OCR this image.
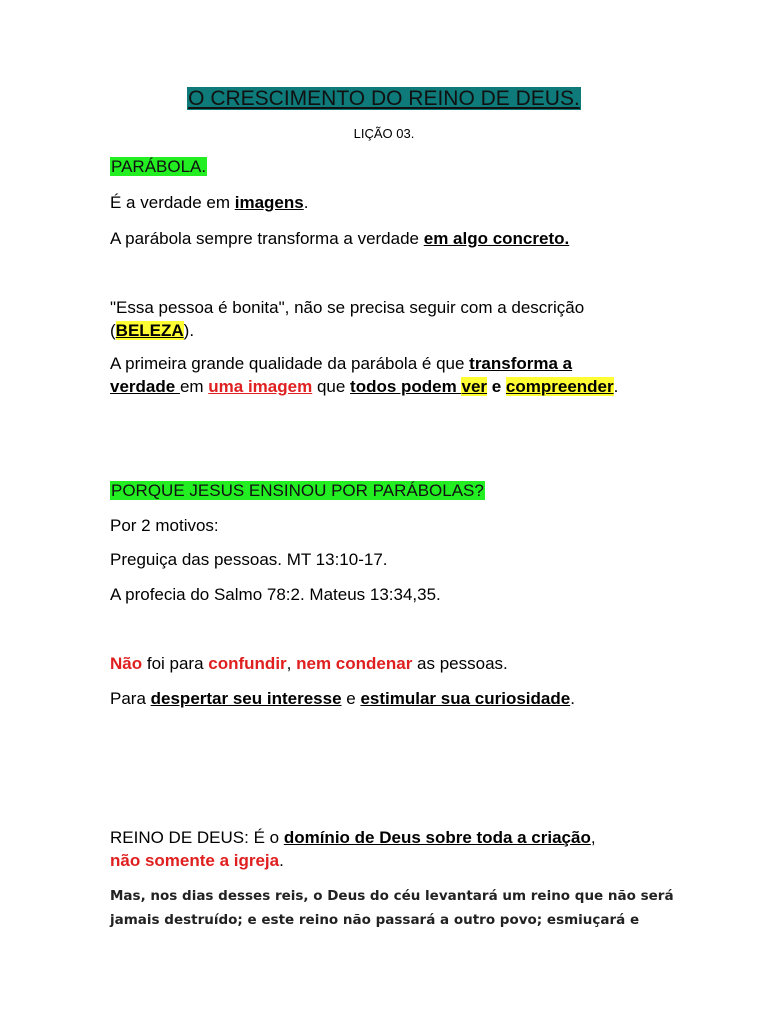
O CRESCIMENTO DO REINO DE DEUS.
LIÇÃO 03.
PARÁBOLA.
É a verdade em imagens.
A parábola sempre transforma a verdade em algo concreto.
"Essa pessoa é bonita", não se precisa seguir com a descrição
(BELEZA).
A primeira grande qualidade da parábola é que transforma a
verdade em uma imagem que todos podem ver e compreender.
PORQUE JESUS ENSINOU POR PARÁBOLAS?
Por 2 motivos:
Preguiça das pessoas. MT 13:10-17.
A profecia do Salmo 78:2. Mateus 13:34,35.
Não foi para confundir, nem condenar as pessoas.
Para despertar seu interesse e estimular sua curiosidade.
REINO DE DEUS: É o domínio de Deus sobre toda a criação,
não somente a igreja.
Mas, nos dias desses reis, o Deus do céu levantará um reino que não será
jamais destruído; e este reino não passará a outro povo; esmiuçará e
